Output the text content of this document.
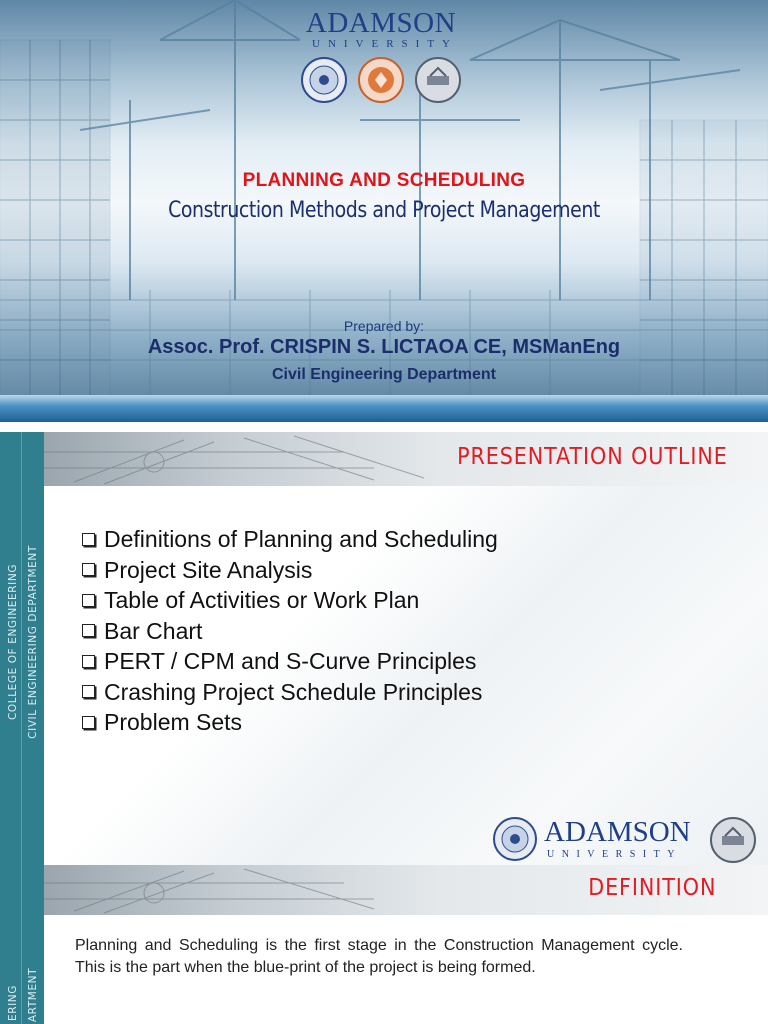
ADAMSON
UNIVERSITY
PLANNING AND SCHEDULING
Construction Methods and Project Management
Prepared by:
Assoc. Prof. CRISPIN S. LICTAOA CE, MSManEng
Civil Engineering Department
COLLEGE OF ENGINEERING CIVIL ENGINEERING DEPARTMENT
PRESENTATION OUTLINE
Definitions of Planning and Scheduling
Project Site Analysis
Table of Activities or Work Plan
Bar Chart
PERT / CPM and S-Curve Principles
Crashing Project Schedule Principles
Problem Sets
ADAMSON
UNIVERSITY
ERING ARTMENT
DEFINITION
Planning and Scheduling is the first stage in the Construction Management cycle. This is the part when the blue-print of the project is being formed.
